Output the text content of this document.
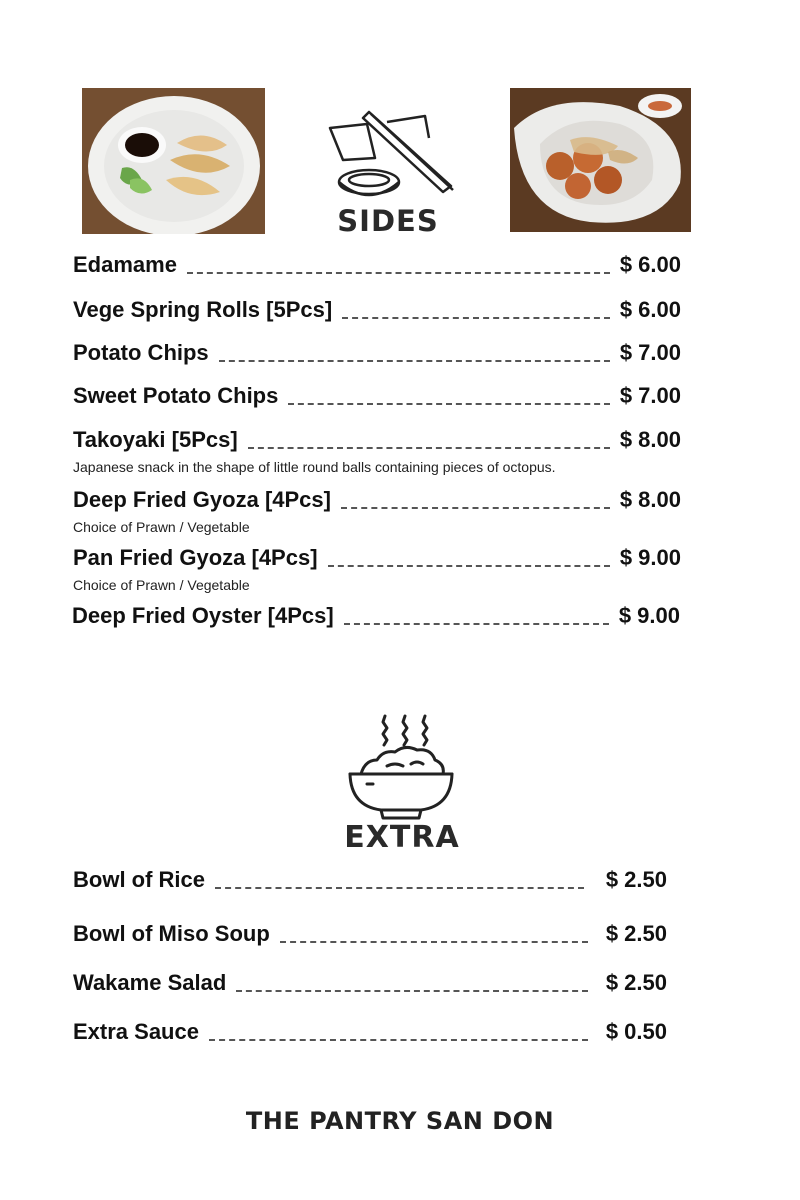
SIDES
Edamame	$ 6.00
Vege Spring Rolls [5Pcs]	$ 6.00
Potato Chips	$ 7.00
Sweet Potato Chips	$ 7.00
Takoyaki [5Pcs]	$ 8.00
Japanese snack in the shape of little round balls containing pieces of octopus.
Deep Fried Gyoza [4Pcs]	$ 8.00
Choice of Prawn / Vegetable
Pan Fried Gyoza [4Pcs]	$ 9.00
Choice of Prawn / Vegetable
Deep Fried Oyster [4Pcs]	$ 9.00
EXTRA
Bowl of Rice	$ 2.50
Bowl of Miso Soup	$ 2.50
Wakame Salad	$ 2.50
Extra Sauce	$ 0.50
THE PANTRY SAN DON
